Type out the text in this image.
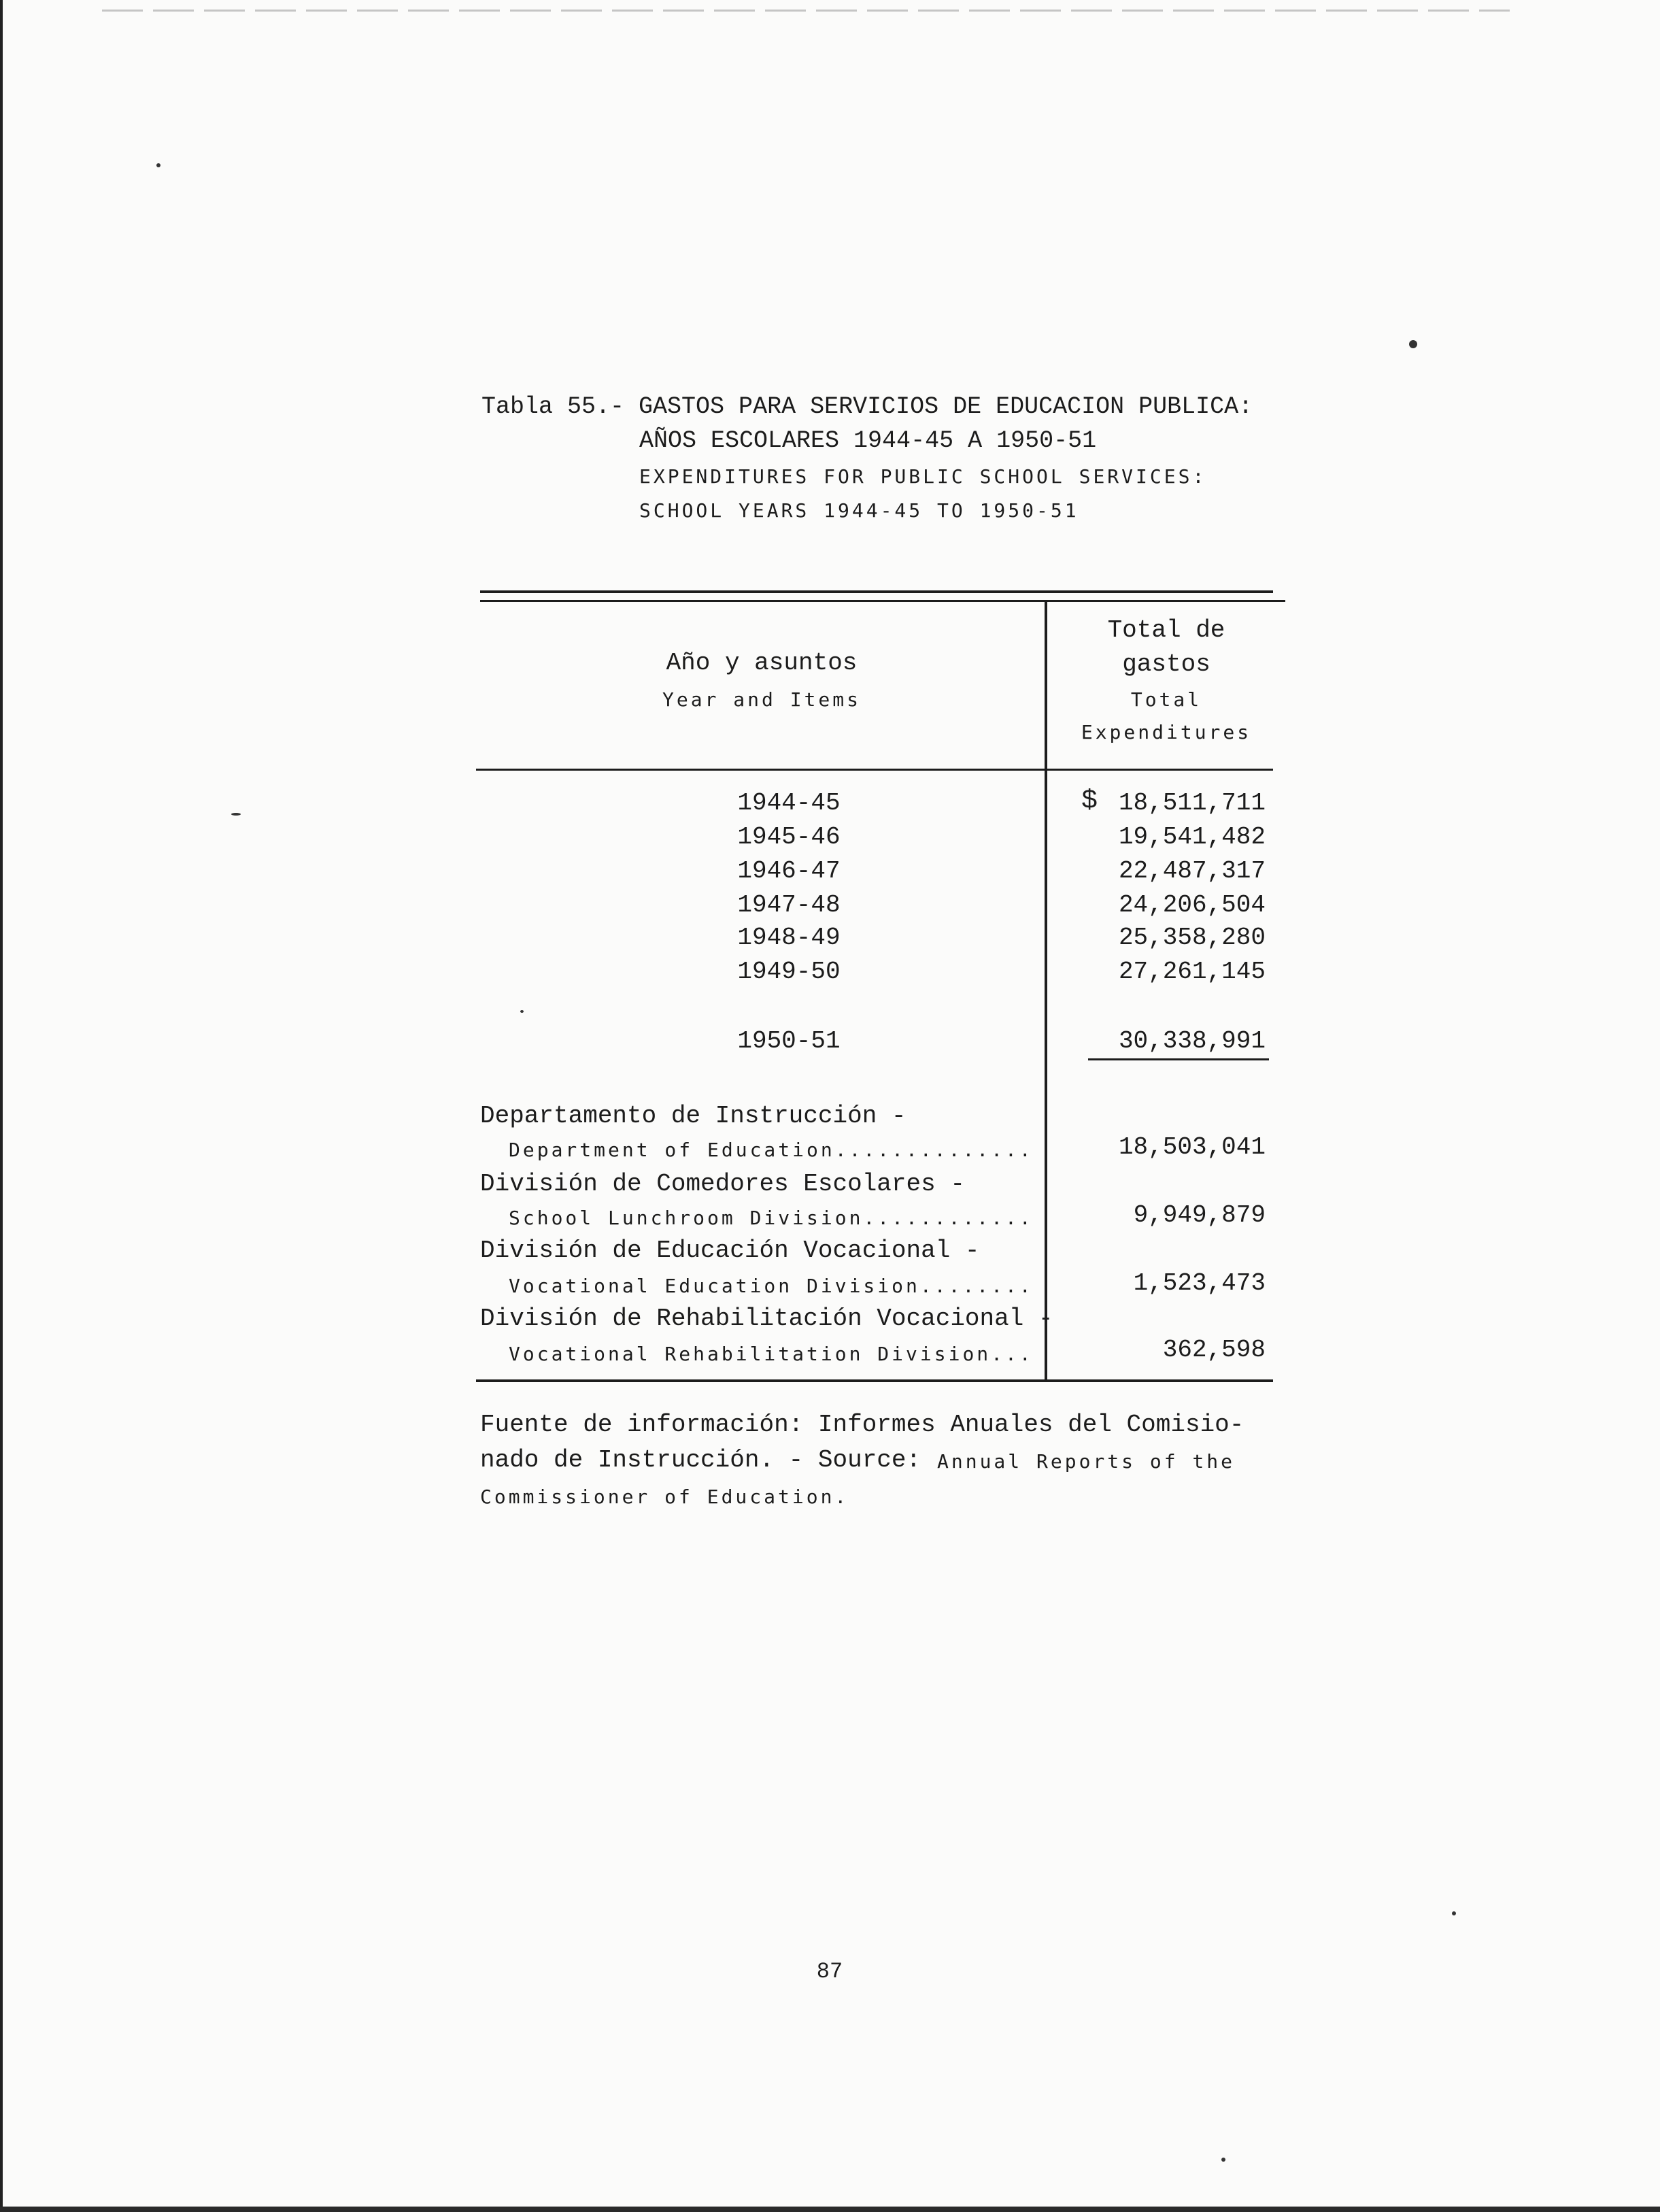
Tabla 55.- GASTOS PARA SERVICIOS DE EDUCACION PUBLICA:
AÑOS ESCOLARES 1944-45 A 1950-51
EXPENDITURES FOR PUBLIC SCHOOL SERVICES:
SCHOOL YEARS 1944-45 TO 1950-51
Año y asuntos
Year and Items
Total de
gastos
Total
Expenditures
$
1944-45	18,511,711
1945-46	19,541,482
1946-47	22,487,317
1947-48	24,206,504
1948-49	25,358,280
1949-50	27,261,145
1950-51	30,338,991
Departamento de Instrucción -
Department of Education..............	18,503,041
División de Comedores Escolares -
School Lunchroom Division............	9,949,879
División de Educación Vocacional -
Vocational Education Division........	1,523,473
División de Rehabilitación Vocacional -
Vocational Rehabilitation Division...	362,598
Fuente de información: Informes Anuales del Comisio-
nado de Instrucción. - Source: Annual Reports of the
Commissioner of Education.
87
